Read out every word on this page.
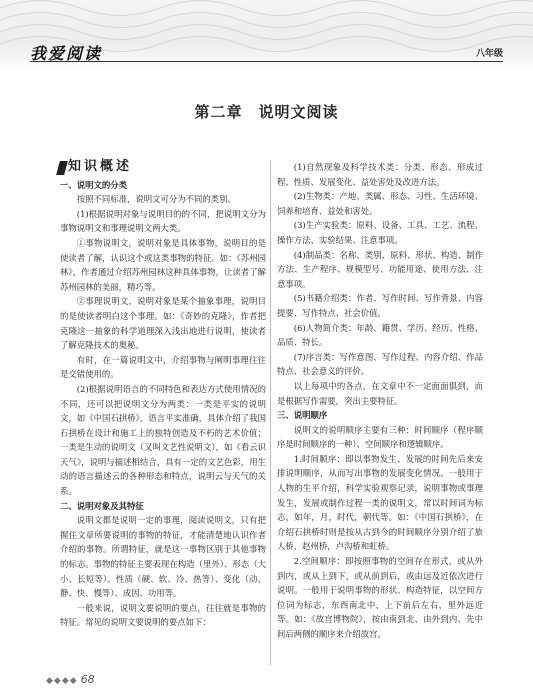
我爱阅读	八年级
第二章　说明文阅读
知识概述
一、说明文的分类

按照不同标准，说明文可分为不同的类别。

(1)根据说明对象与说明目的的不同，把说明文分为事物说明文和事理说明文两大类。

①事物说明文，说明对象是具体事物，说明目的是使读者了解，认识这个或这类事物的特征。如：《苏州园林》，作者通过介绍苏州园林这种具体事物，让读者了解苏州园林的美丽，精巧等。

②事理说明文，说明对象是某个抽象事理，说明目的是使读者明白这个事理。如：《奇妙的克隆》，作者把克隆这一抽象的科学道理深入浅出地进行说明，使读者了解克隆技术的奥秘。

有时，在一篇说明文中，介绍事物与阐明事理往往是交错使用的。

(2)根据说明语言的不同特色和表达方式使用情况的不同，还可以把说明文分为两类：一类是平实的说明文，如《中国石拱桥》，语言平实准确，具体介绍了我国石拱桥在设计和施工上的独特创造及不朽的艺术价值；一类是生动的说明文（又叫文艺性说明文），如《看云识天气》，说明与描述相结合，具有一定的文艺色彩，用生动的语言描述云的各种形态和特点，说明云与天气的关系。

二、说明对象及其特征

说明文都是说明一定的事理，阅读说明文，只有把握住文章所要说明的事物的特征，才能清楚地认识作者介绍的事物。所谓特征，就是这一事物区别于其他事物的标志。事物的特征主要表现在构造（里外）、形态（大小、长短等）、性质（硬、软、冷、热等）、变化（动、静、快、慢等）、成因、功用等。

一般来说，说明文要说明的要点，往往就是事物的特征。常见的说明文要说明的要点如下：

(1)自然现象及科学技术类：分类、形态、形成过程、性质、发展变化、益处害处及改进方法。

(2)生物类：产地、类属、形态、习性、生活环境、饲养和培育、益处和害处。

(3)生产实验类：原料、设备、工具、工艺、流程、操作方法、实验结果、注意事项。

(4)制品类：名称、类别、原料、形状、构造、制作方法、生产程序、规模型号、功能用途、使用方法、注意事项。

(5)书籍介绍类：作者、写作时间、写作背景、内容提要、写作特点、社会价值。

(6)人物简介类：年龄、籍贯、学历、经历、性格、品质、特长。

(7)序言类：写作意图、写作过程、内容介绍、作品特点、社会意义的评价。

以上每项中的各点，在文章中不一定面面俱到，而是根据写作需要，突出主要特征。

三、说明顺序

说明文的说明顺序主要有三种：时间顺序（程序顺序是时间顺序的一种）、空间顺序和逻辑顺序。

1.时间顺序：即以事物发生、发展的时间先后来安排说明顺序，从而写出事物的发展变化情况。一般用于人物的生平介绍，科学实验观察记录，说明事物或事理发生，发展或制作过程一类的说明文，常以时间词为标志，如年，月，时代，朝代等。如：《中国石拱桥》，在介绍石拱桥时则是按从古到今的时间顺序分别介绍了旅人桥，赵州桥，卢沟桥和虹桥。

2.空间顺序：即按照事物的空间存在形式，或从外到内，或从上到下，或从前到后，或由远及近依次进行说明。一般用于说明事物的形状、构造特征，以空间方位词为标志，东西南北中，上下前后左右，里外远近等。如：《故宫博物院》，按由南到北、由外到内、先中间后两侧的顺序来介绍故宫。

◆◆◆◆ 68
